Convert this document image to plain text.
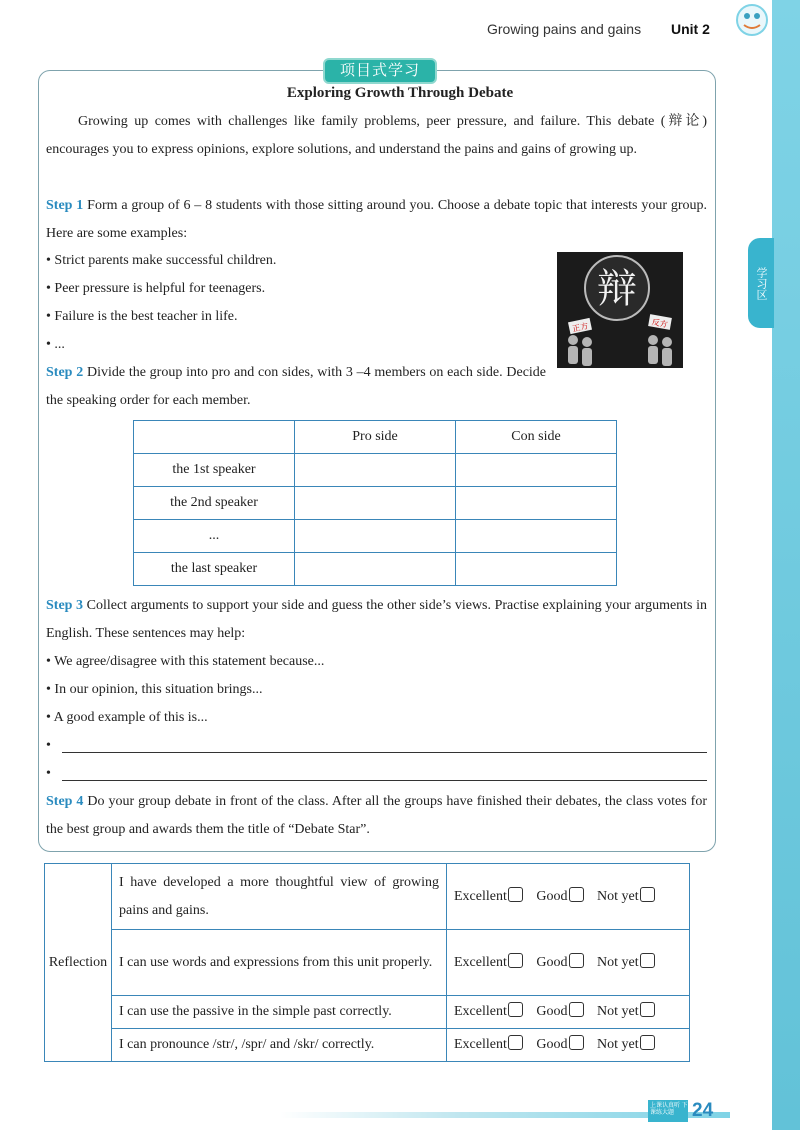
Growing pains and gains Unit 2
学习区
项目式学习
Exploring Growth Through Debate
Growing up comes with challenges like family problems, peer pressure, and failure. This debate (辩论) encourages you to express opinions, explore solutions, and understand the pains and gains of growing up.
Step 1 Form a group of 6 – 8 students with those sitting around you. Choose a debate topic that interests your group. Here are some examples:
• Strict parents make successful children.
• Peer pressure is helpful for teenagers.
• Failure is the best teacher in life.
• ...
辩
正方	反方
Step 2 Divide the group into pro and con sides, with 3 –4 members on each side. Decide the speaking order for each member.
	Pro side	Con side
the 1st speaker		
the 2nd speaker		
...		
the last speaker		
Step 3 Collect arguments to support your side and guess the other side’s views. Practise explaining your arguments in English. These sentences may help:
• We agree/disagree with this statement because...
• In our opinion, this situation brings...
• A good example of this is...
•
•
Step 4 Do your group debate in front of the class. After all the groups have finished their debates, the class votes for the best group and awards them the title of “Debate Star”.
Reflection	I have developed a more thoughtful view of growing pains and gains.	Excellent Good Not yet
	I can use words and expressions from this unit properly.	Excellent Good Not yet
	I can use the passive in the simple past correctly.	Excellent Good Not yet
	I can pronounce /str/, /spr/ and /skr/ correctly.	Excellent Good Not yet
上课认真听 下课练大题 24
